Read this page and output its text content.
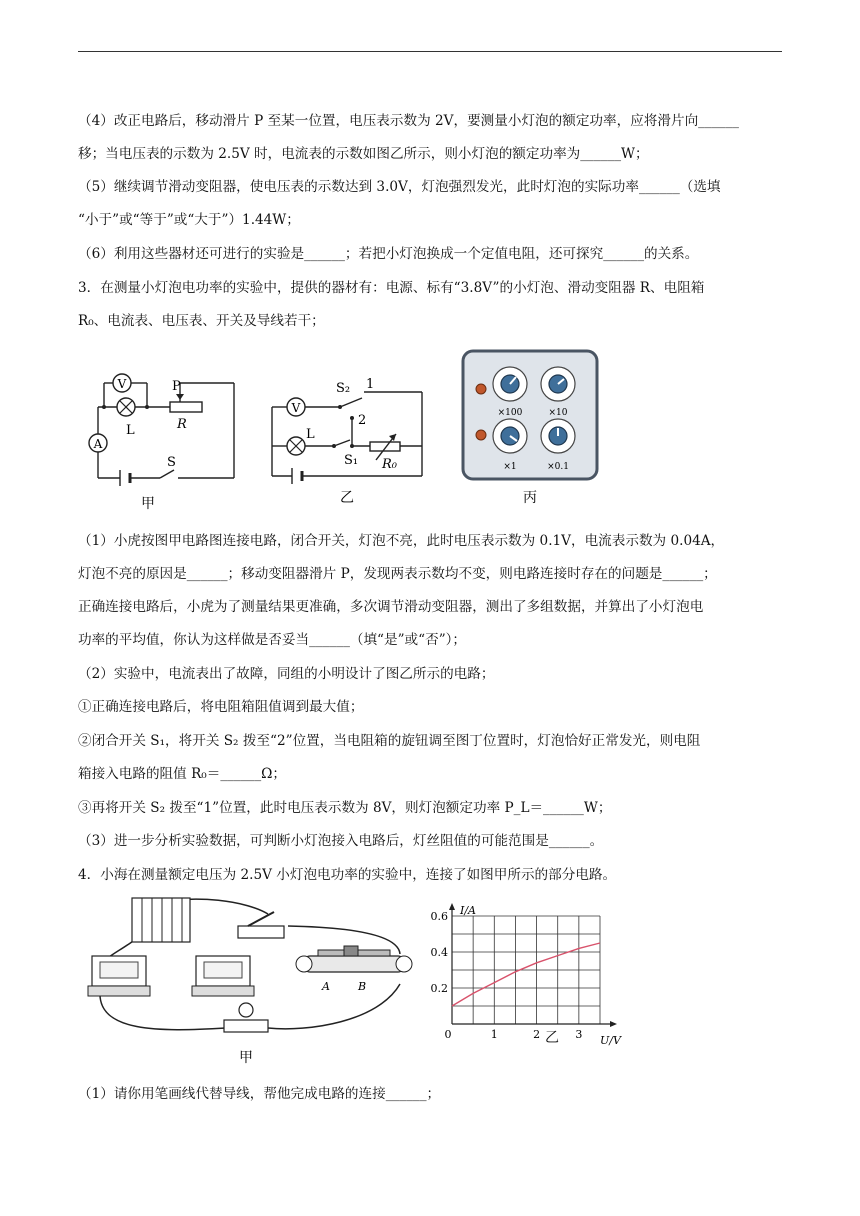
（4）改正电路后，移动滑片 P 至某一位置，电压表示数为 2V，要测量小灯泡的额定功率，应将滑片向______
移；当电压表的示数为 2.5V 时，电流表的示数如图乙所示，则小灯泡的额定功率为______W；
（5）继续调节滑动变阻器，使电压表的示数达到 3.0V，灯泡强烈发光，此时灯泡的实际功率______（选填
“小于”或“等于”或“大于”）1.44W；
（6）利用这些器材还可进行的实验是______；若把小灯泡换成一个定值电阻，还可探究______的关系。
3．在测量小灯泡电功率的实验中，提供的器材有：电源、标有“3.8V”的小灯泡、滑动变阻器 R、电阻箱
R₀、电流表、电压表、开关及导线若干；
A
V	P
L	R
S
甲
V
S₂ 1
2
L
S₁ R₀
乙
×100	×10
×1	×0.1
丙
（1）小虎按图甲电路图连接电路，闭合开关，灯泡不亮，此时电压表示数为 0.1V，电流表示数为 0.04A，
灯泡不亮的原因是______；移动变阻器滑片 P，发现两表示数均不变，则电路连接时存在的问题是______；
正确连接电路后，小虎为了测量结果更准确，多次调节滑动变阻器，测出了多组数据，并算出了小灯泡电
功率的平均值，你认为这样做是否妥当______（填“是”或“否”）；
（2）实验中，电流表出了故障，同组的小明设计了图乙所示的电路；
①正确连接电路后，将电阻箱阻值调到最大值；
②闭合开关 S₁，将开关 S₂ 拨至“2”位置，当电阻箱的旋钮调至图丁位置时，灯泡恰好正常发光，则电阻
箱接入电路的阻值 R₀＝______Ω；
③再将开关 S₂ 拨至“1”位置，此时电压表示数为 8V，则灯泡额定功率 P_L＝______W；
（3）进一步分析实验数据，可判断小灯泡接入电路后，灯丝阻值的可能范围是______。
4．小海在测量额定电压为 2.5V 小灯泡电功率的实验中，连接了如图甲所示的部分电路。
A	B
甲
0	1	2	3
0.2
0.4
0.6 I/A
U/V
乙
（1）请你用笔画线代替导线，帮他完成电路的连接______；
